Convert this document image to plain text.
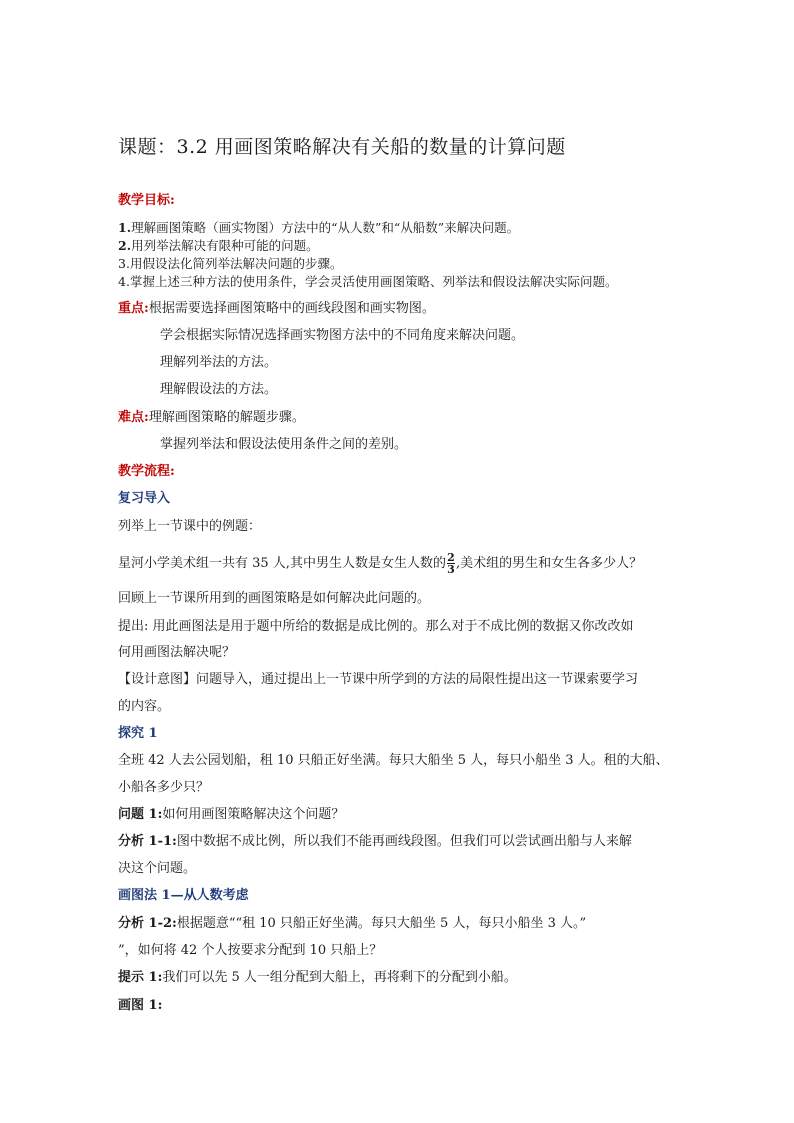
课题：3.2 用画图策略解决有关船的数量的计算问题
教学目标:
1.理解画图策略（画实物图）方法中的“从人数”和“从船数”来解决问题。
2.用列举法解决有限种可能的问题。
3.用假设法化简列举法解决问题的步骤。
4.掌握上述三种方法的使用条件，学会灵活使用画图策略、列举法和假设法解决实际问题。
重点:根据需要选择画图策略中的画线段图和画实物图。
学会根据实际情况选择画实物图方法中的不同角度来解决问题。
理解列举法的方法。
理解假设法的方法。
难点:理解画图策略的解题步骤。
掌握列举法和假设法使用条件之间的差别。
教学流程:
复习导入
列举上一节课中的例题：
星河小学美术组一共有 35 人,其中男生人数是女生人数的 $\frac{2}{3}$ ,美术组的男生和女生各多少人？
回顾上一节课所用到的画图策略是如何解决此问题的。
提出: 用此画图法是用于题中所给的数据是成比例的。那么对于不成比例的数据又你改改如
何用画图法解决呢？
【设计意图】问题导入，通过提出上一节课中所学到的方法的局限性提出这一节课索要学习
的内容。
探究 1
全班 42 人去公园划船，租 10 只船正好坐满。每只大船坐 5 人，每只小船坐 3 人。租的大船、
小船各多少只？
问题 1:如何用画图策略解决这个问题？
分析 1-1:图中数据不成比例，所以我们不能再画线段图。但我们可以尝试画出船与人来解
决这个问题。
画图法 1—从人数考虑
分析 1-2:根据题意““租 10 只船正好坐满。每只大船坐 5 人，每只小船坐 3 人。”
”，如何将 42 个人按要求分配到 10 只船上？
提示 1:我们可以先 5 人一组分配到大船上，再将剩下的分配到小船。
画图 1:
